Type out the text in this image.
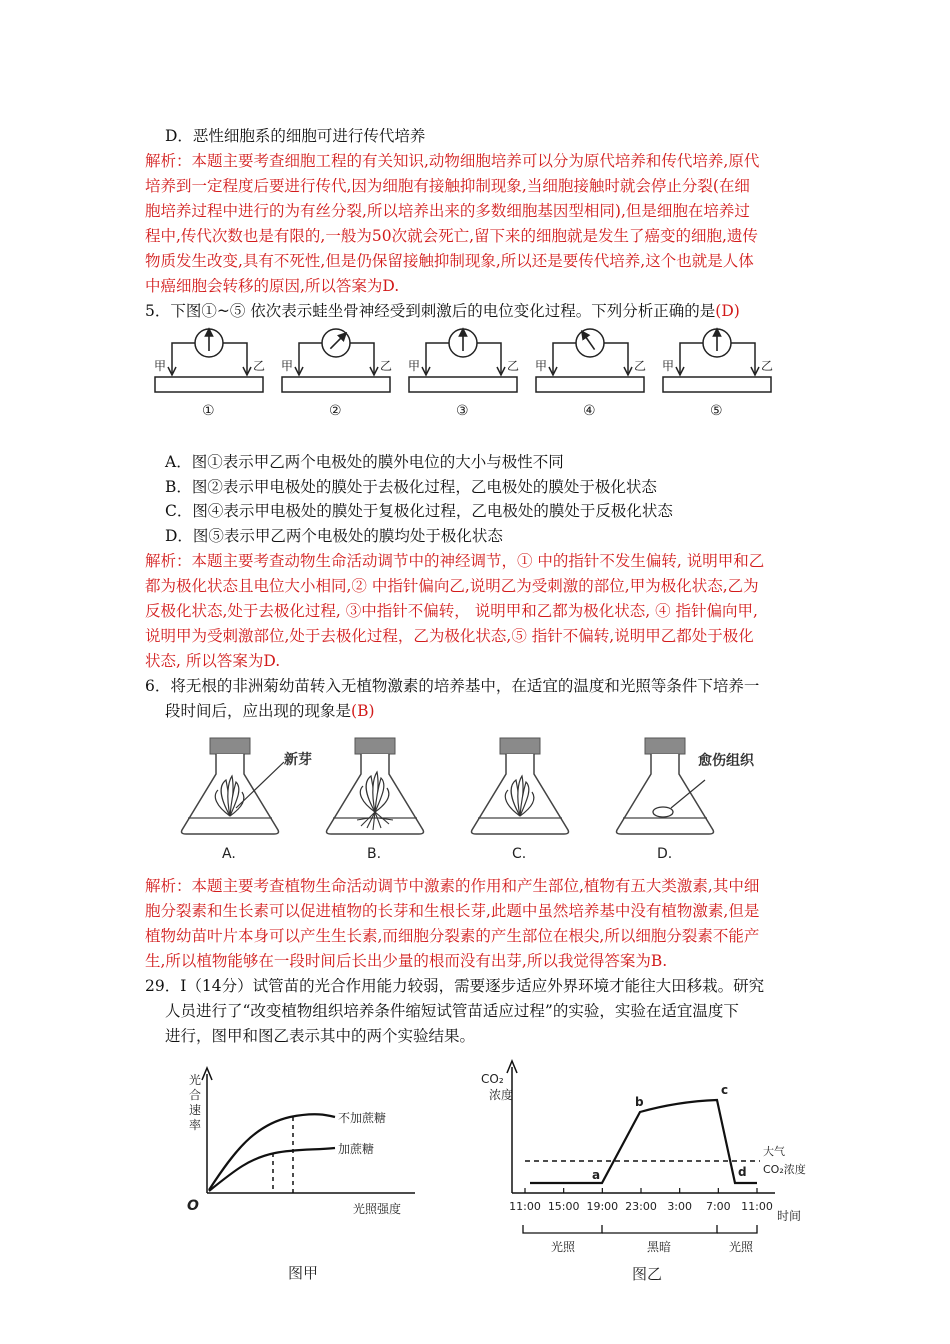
D．恶性细胞系的细胞可进行传代培养
解析：本题主要考查细胞工程的有关知识,动物细胞培养可以分为原代培养和传代培养,原代
培养到一定程度后要进行传代,因为细胞有接触抑制现象,当细胞接触时就会停止分裂(在细
胞培养过程中进行的为有丝分裂,所以培养出来的多数细胞基因型相同),但是细胞在培养过
程中,传代次数也是有限的,一般为50次就会死亡,留下来的细胞就是发生了癌变的细胞,遗传
物质发生改变,具有不死性,但是仍保留接触抑制现象,所以还是要传代培养,这个也就是人体
中癌细胞会转移的原因,所以答案为D.
5．下图①~⑤ 依次表示蛙坐骨神经受到刺激后的电位变化过程。下列分析正确的是(D)
甲	乙
①
甲	乙
②
甲	乙
③
甲	乙
④
甲	乙
⑤
A．图①表示甲乙两个电极处的膜外电位的大小与极性不同
B．图②表示甲电极处的膜处于去极化过程，乙电极处的膜处于极化状态
C．图④表示甲电极处的膜处于复极化过程，乙电极处的膜处于反极化状态
D．图⑤表示甲乙两个电极处的膜均处于极化状态
解析：本题主要考查动物生命活动调节中的神经调节，① 中的指针不发生偏转, 说明甲和乙
都为极化状态且电位大小相同,② 中指针偏向乙,说明乙为受刺激的部位,甲为极化状态,乙为
反极化状态,处于去极化过程, ③中指针不偏转， 说明甲和乙都为极化状态, ④ 指针偏向甲,
说明甲为受刺激部位,处于去极化过程，乙为极化状态,⑤ 指针不偏转,说明甲乙都处于极化
状态, 所以答案为D.
6．将无根的非洲菊幼苗转入无植物激素的培养基中，在适宜的温度和光照等条件下培养一
段时间后，应出现的现象是(B)
A.	B.	C.	D.
新芽	愈伤组织
解析：本题主要考查植物生命活动调节中激素的作用和产生部位,植物有五大类激素,其中细
胞分裂素和生长素可以促进植物的长芽和生根长芽,此题中虽然培养基中没有植物激素,但是
植物幼苗叶片本身可以产生生长素,而细胞分裂素的产生部位在根尖,所以细胞分裂素不能产
生,所以植物能够在一段时间后长出少量的根而没有出芽,所以我觉得答案为B.
29．I（14分）试管苗的光合作用能力较弱，需要逐步适应外界环境才能往大田移栽。研究
人员进行了“改变植物组织培养条件缩短试管苗适应过程”的实验，实验在适宜温度下
进行，图甲和图乙表示其中的两个实验结果。
光
合
速
率
O	光照强度
不加蔗糖
加蔗糖
图甲
CO₂
浓度
大气
CO₂浓度
a
b
c
d
11:00 15:00 19:00 23:00 3:00 7:00 11:00
时间
光照	黑暗	光照
图乙
